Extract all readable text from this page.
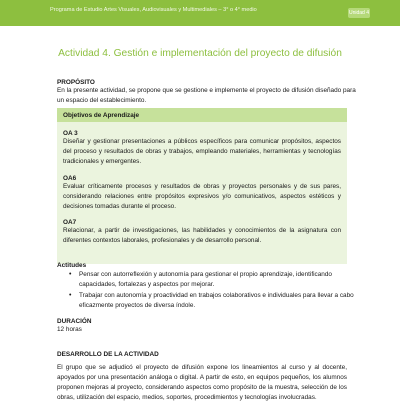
Programa de Estudio Artes Visuales, Audiovisuales y Multimediales – 3° o 4° medio	Unidad 4
Actividad 4. Gestión e implementación del proyecto de difusión
PROPÓSITO
En la presente actividad, se propone que se gestione e implemente el proyecto de difusión diseñado para un espacio del establecimiento.
Objetivos de Aprendizaje
OA 3
Diseñar y gestionar presentaciones a públicos específicos para comunicar propósitos, aspectos del proceso y resultados de obras y trabajos, empleando materiales, herramientas y tecnologías tradicionales y emergentes.
OA6
Evaluar críticamente procesos y resultados de obras y proyectos personales y de sus pares, considerando relaciones entre propósitos expresivos y/o comunicativos, aspectos estéticos y decisiones tomadas durante el proceso.
OA7
Relacionar, a partir de investigaciones, las habilidades y conocimientos de la asignatura con diferentes contextos laborales, profesionales y de desarrollo personal.
Actitudes
• Pensar con autorreflexión y autonomía para gestionar el propio aprendizaje, identificando capacidades, fortalezas y aspectos por mejorar.
• Trabajar con autonomía y proactividad en trabajos colaborativos e individuales para llevar a cabo eficazmente proyectos de diversa índole.
DURACIÓN
12 horas
DESARROLLO DE LA ACTIVIDAD
El grupo que se adjudicó el proyecto de difusión expone los lineamientos al curso y al docente, apoyados por una presentación análoga o digital. A partir de esto, en equipos pequeños, los alumnos proponen mejoras al proyecto, considerando aspectos como propósito de la muestra, selección de los obras, utilización del espacio, medios, soportes, procedimientos y tecnologías involucradas.
